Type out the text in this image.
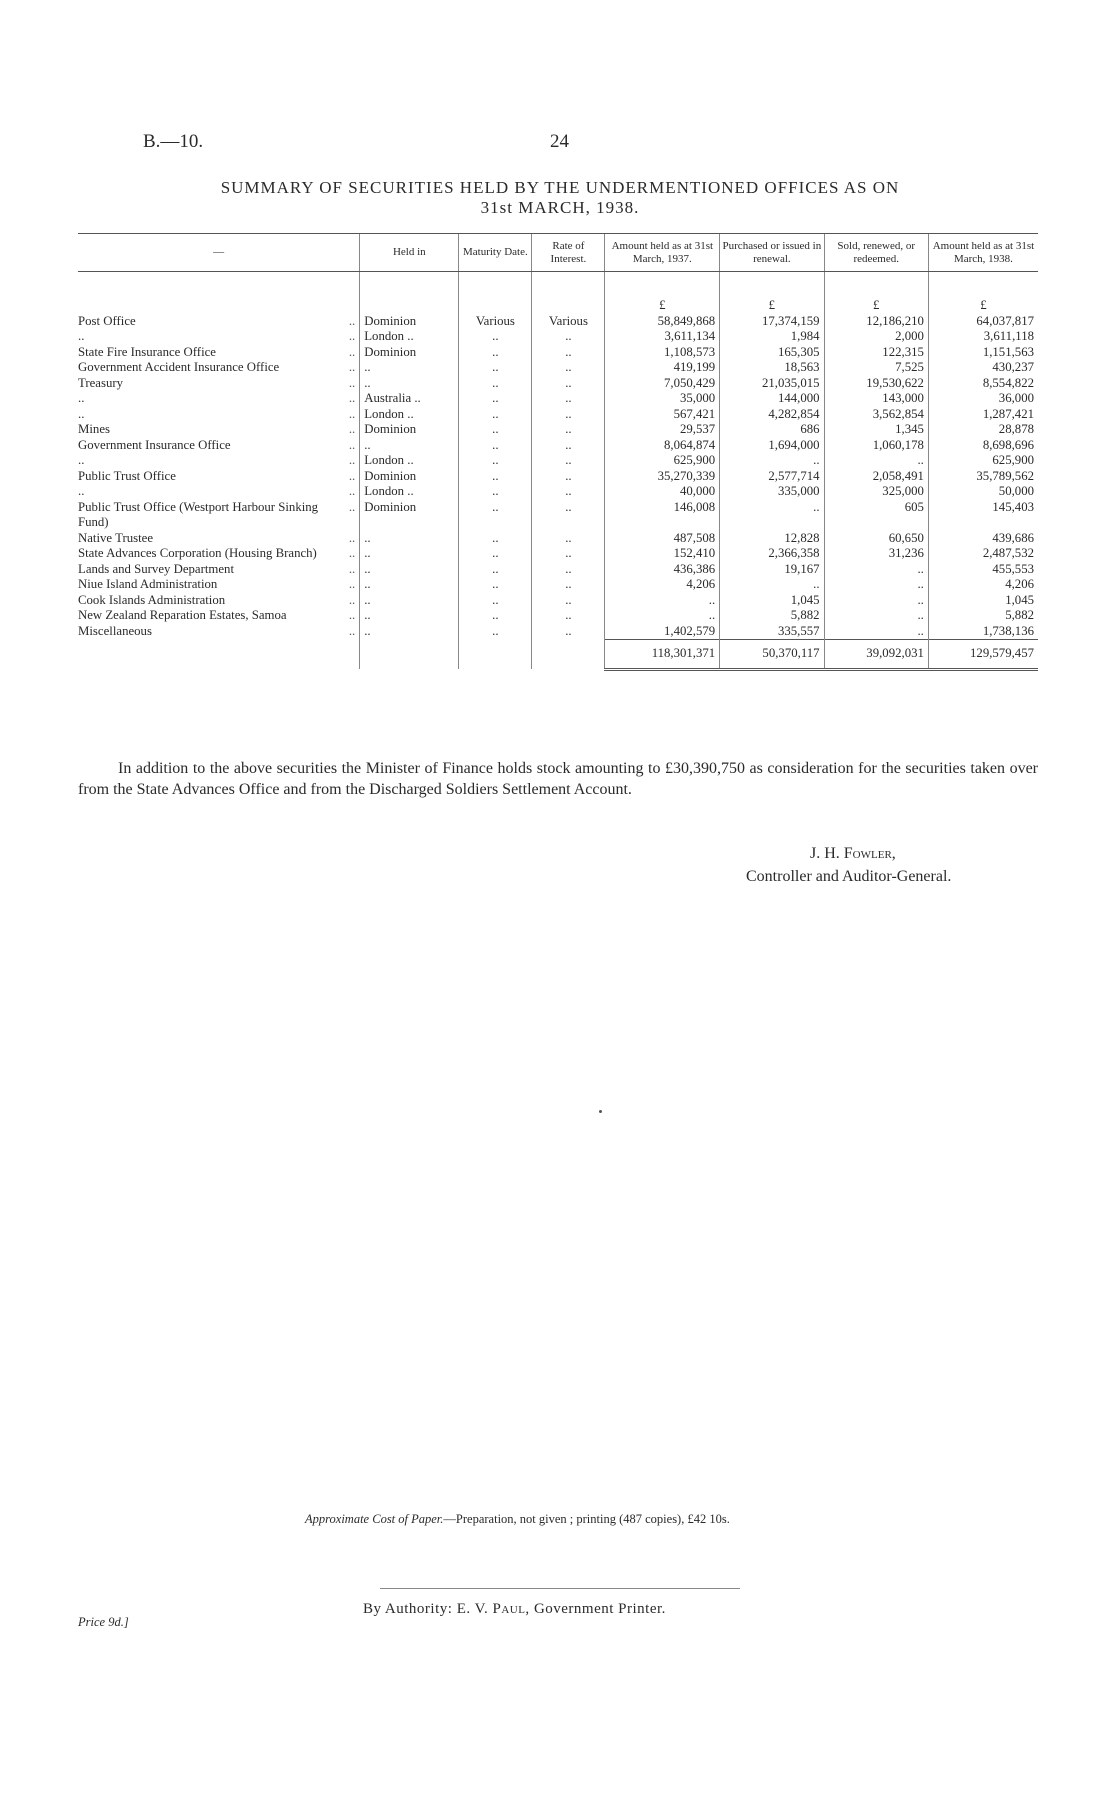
B.—10.	24
SUMMARY OF SECURITIES HELD BY THE UNDERMENTIONED OFFICES AS ON
31st MARCH, 1938.
—	Held in	Maturity Date.	Rate of Interest.	Amount held as at 31st March, 1937.	Purchased or issued in renewal.	Sold, renewed, or redeemed.	Amount held as at 31st March, 1938.

				£	£	£	£

..
Post Office	Dominion	Various	Various	58,849,868	17,374,159	12,186,210	64,037,817

..
..	London ..	..	..	3,611,134	1,984	2,000	3,611,118

..
State Fire Insurance Office	Dominion	..	..	1,108,573	165,305	122,315	1,151,563

..
Government Accident Insurance Office	..	..	..	419,199	18,563	7,525	430,237

..
Treasury	..	..	..	7,050,429	21,035,015	19,530,622	8,554,822

..
..	Australia ..	..	..	35,000	144,000	143,000	36,000

..
..	London ..	..	..	567,421	4,282,854	3,562,854	1,287,421

..
Mines	Dominion	..	..	29,537	686	1,345	28,878

..
Government Insurance Office	..	..	..	8,064,874	1,694,000	1,060,178	8,698,696

..
..	London ..	..	..	625,900	..	..	625,900

..
Public Trust Office	Dominion	..	..	35,270,339	2,577,714	2,058,491	35,789,562

..
..	London ..	..	..	40,000	335,000	325,000	50,000

..
Public Trust Office (Westport Harbour Sinking Fund)	Dominion	..	..	146,008	..	605	145,403

..
Native Trustee	..	..	..	487,508	12,828	60,650	439,686

..
State Advances Corporation (Housing Branch)	..	..	..	152,410	2,366,358	31,236	2,487,532

..
Lands and Survey Department	..	..	..	436,386	19,167	..	455,553

..
Niue Island Administration	..	..	..	4,206	..	..	4,206

..
Cook Islands Administration	..	..	..	..	1,045	..	1,045

..
New Zealand Reparation Estates, Samoa	..	..	..	..	5,882	..	5,882

..
Miscellaneous	..	..	..	1,402,579	335,557	..	1,738,136
				118,301,371	50,370,117	39,092,031	129,579,457
In addition to the above securities the Minister of Finance holds stock amounting to £30,390,750 as consideration for the securities taken over from the State Advances Office and from the Discharged Soldiers Settlement Account.
J. H. Fowler,
Controller and Auditor-General.
Approximate Cost of Paper.—Preparation, not given ; printing (487 copies), £42 10s.
By Authority: E. V. Paul, Government Printer.
Price 9d.]
